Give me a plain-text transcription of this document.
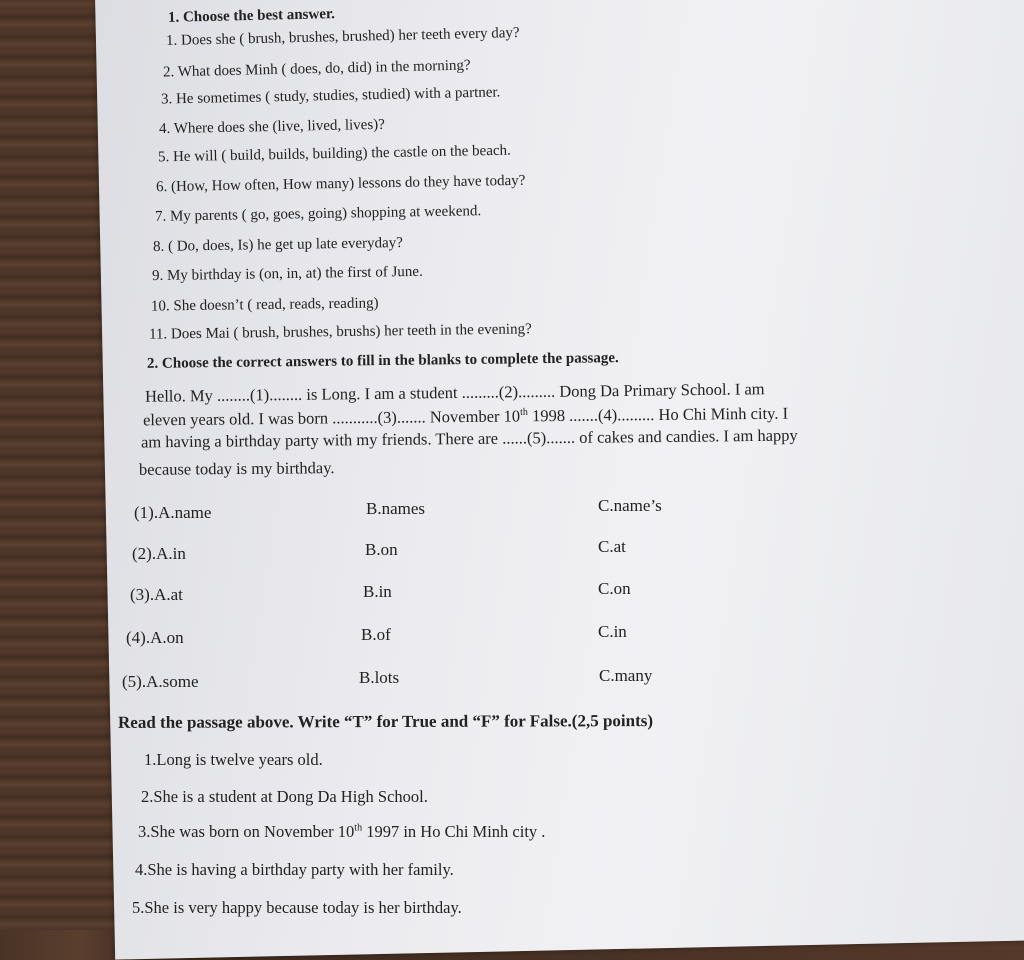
1. Choose the best answer.
1. Does she ( brush, brushes, brushed) her teeth every day?
2. What does Minh ( does, do, did) in the morning?
3. He sometimes ( study, studies, studied) with a partner.
4. Where does she (live, lived, lives)?
5. He will ( build, builds, building) the castle on the beach.
6. (How, How often, How many) lessons do they have today?
7. My parents ( go, goes, going) shopping at weekend.
8. ( Do, does, Is) he get up late everyday?
9. My birthday is (on, in, at) the first of June.
10. She doesn’t ( read, reads, reading)
11. Does Mai ( brush, brushes, brushs) her teeth in the evening?
2. Choose the correct answers to fill in the blanks to complete the passage.
Hello. My ........(1)........ is Long. I am a student .........(2)......... Dong Da Primary School. I am
eleven years old. I was born ...........(3)....... November 10th 1998 .......(4)......... Ho Chi Minh city. I
am having a birthday party with my friends. There are ......(5)....... of cakes and candies. I am happy
because today is my birthday.
(1).A.name	B.names	C.name’s
(2).A.in	B.on	C.at
(3).A.at	B.in	C.on
(4).A.on	B.of	C.in
(5).A.some	B.lots	C.many
Read the passage above. Write “T” for True and “F” for False.(2,5 points)
1.Long is twelve years old.
2.She is a student at Dong Da High School.
3.She was born on November 10th 1997 in Ho Chi Minh city .
4.She is having a birthday party with her family.
5.She is very happy because today is her birthday.
